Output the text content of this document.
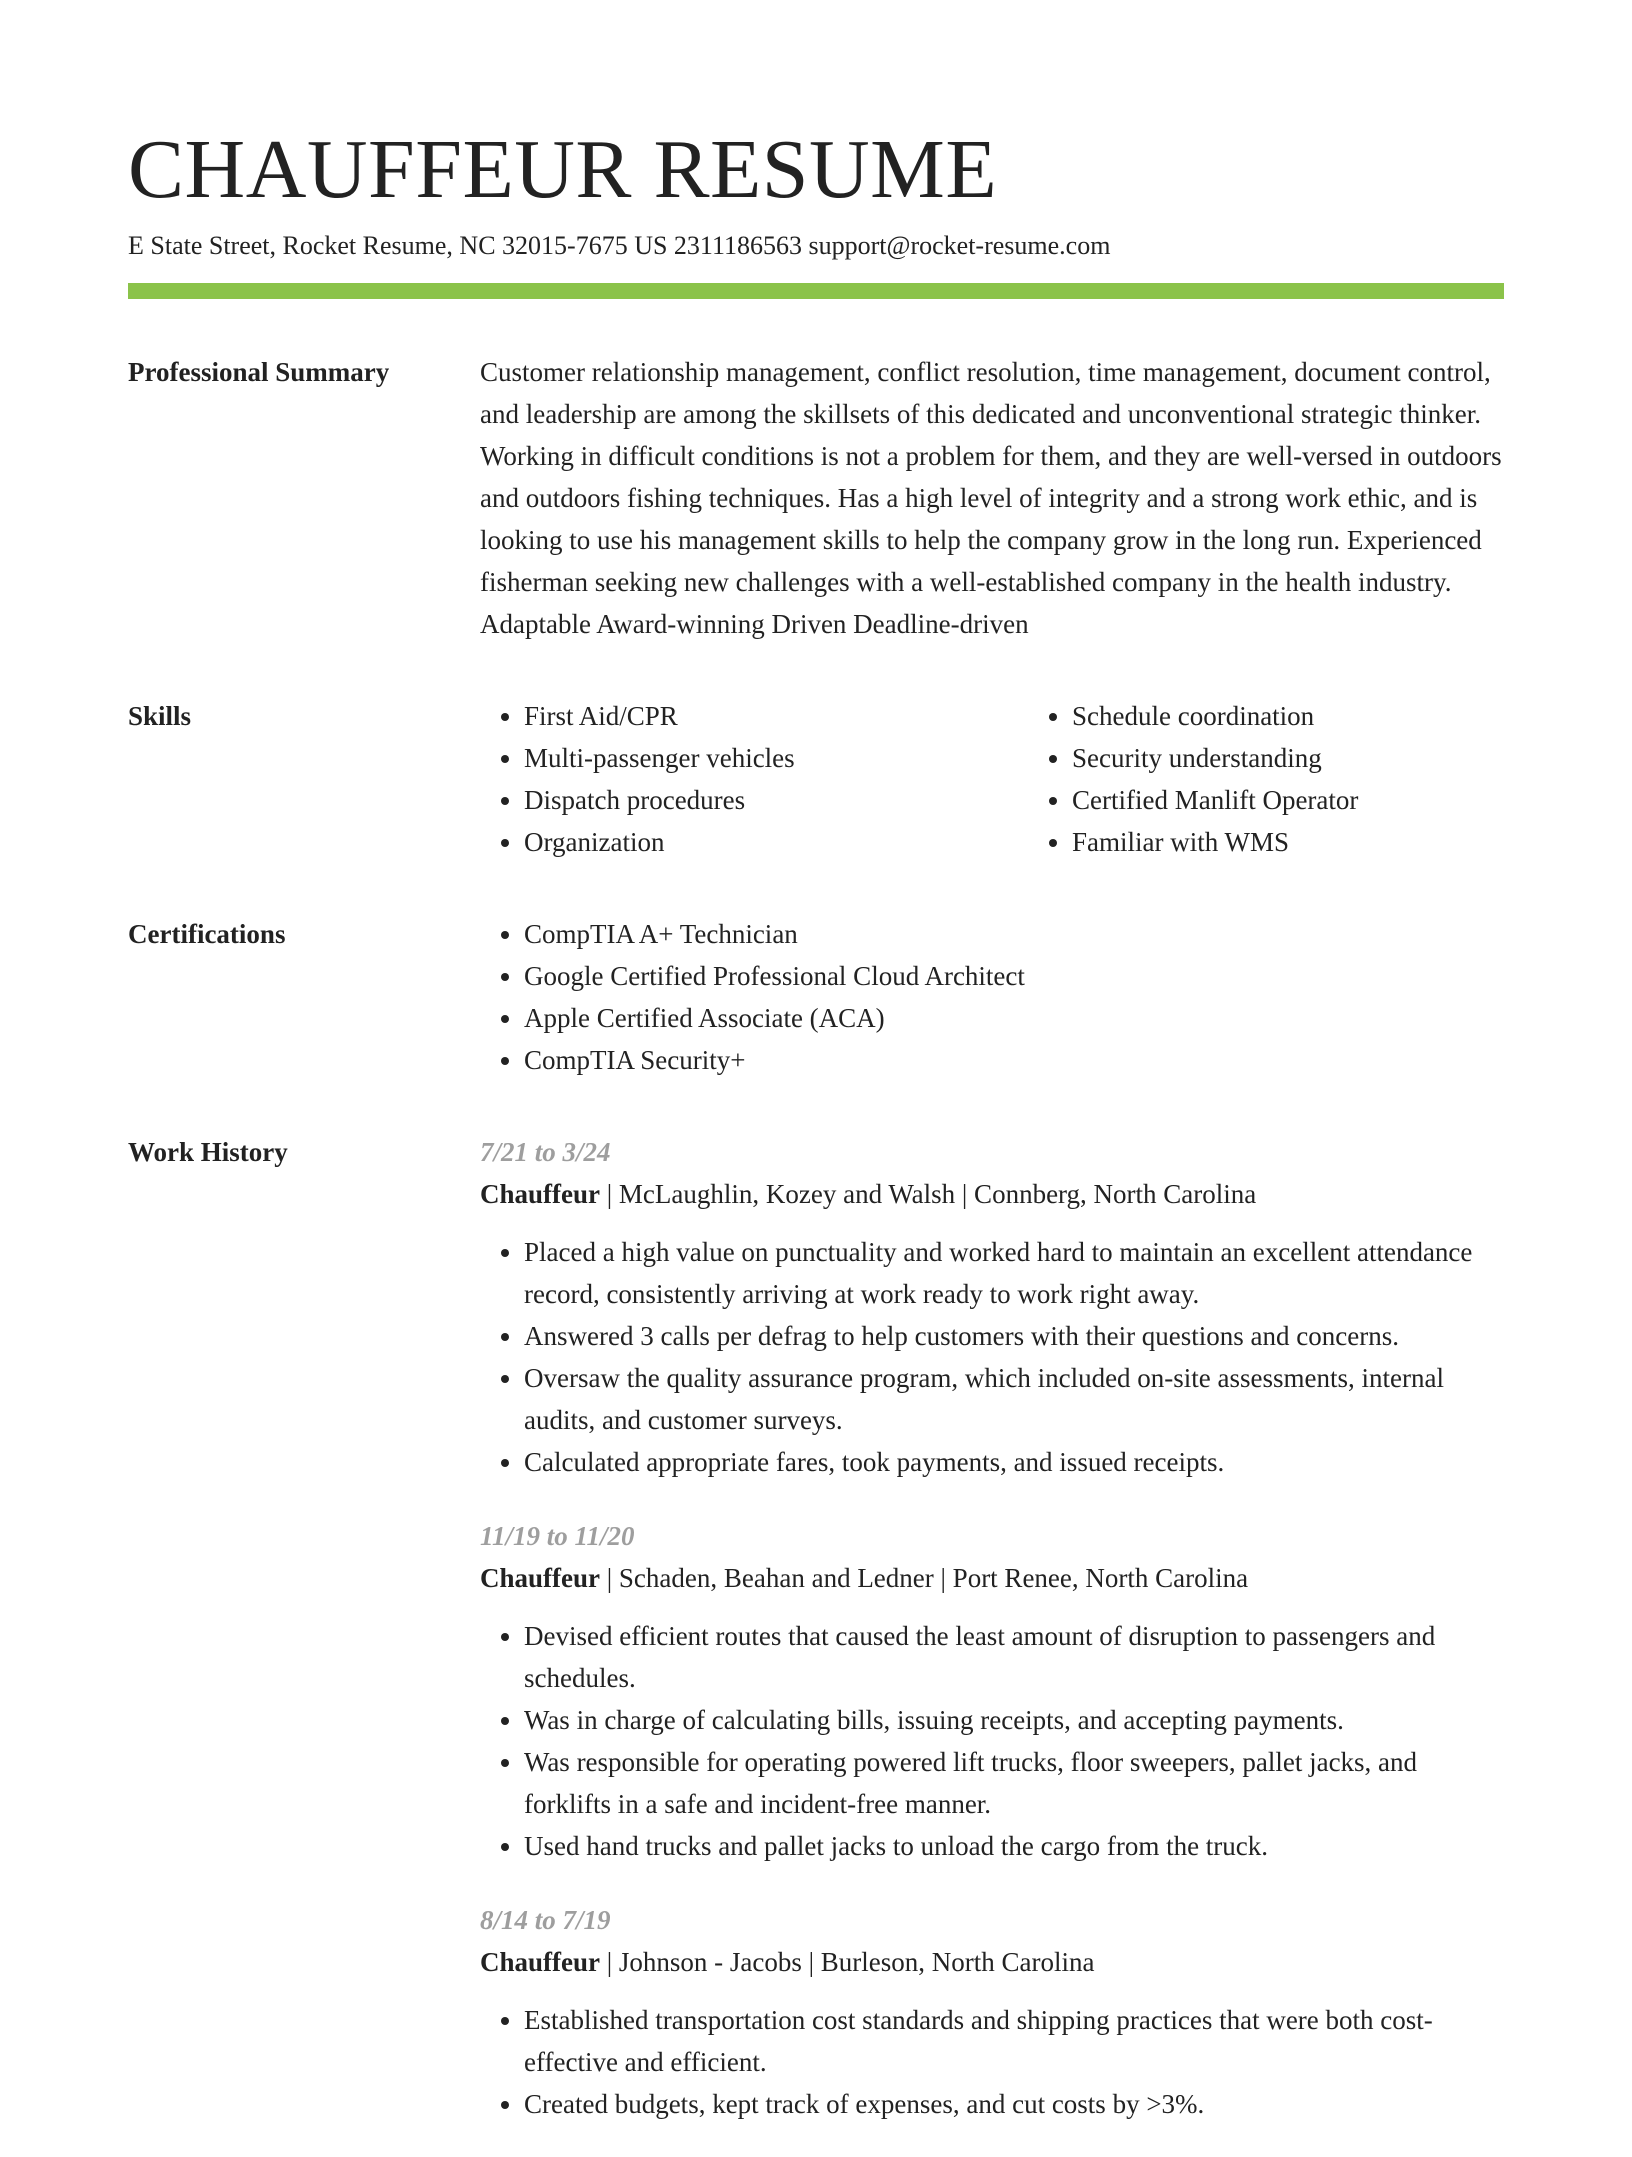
CHAUFFEUR RESUME
E State Street, Rocket Resume, NC 32015-7675 US 2311186563 support@rocket-resume.com
Professional Summary	Customer relationship management, conflict resolution, time management, document control, and leadership are among the skillsets of this dedicated and unconventional strategic thinker. Working in difficult conditions is not a problem for them, and they are well-versed in outdoors and outdoors fishing techniques. Has a high level of integrity and a strong work ethic, and is looking to use his management skills to help the company grow in the long run. Experienced fisherman seeking new challenges with a well-established company in the health industry. Adaptable Award-winning Driven Deadline-driven

Skills	• First Aid/CPR
• Multi-passenger vehicles
• Dispatch procedures
• Organization
• Schedule coordination
• Security understanding
• Certified Manlift Operator
• Familiar with WMS
Certifications	• CompTIA A+ Technician
• Google Certified Professional Cloud Architect
• Apple Certified Associate (ACA)
• CompTIA Security+
Work History	7/21 to 3/24
Chauffeur | McLaughlin, Kozey and Walsh | Connberg, North Carolina
• Placed a high value on punctuality and worked hard to maintain an excellent attendance record, consistently arriving at work ready to work right away.
• Answered 3 calls per defrag to help customers with their questions and concerns.
• Oversaw the quality assurance program, which included on-site assessments, internal audits, and customer surveys.
• Calculated appropriate fares, took payments, and issued receipts.
11/19 to 11/20
Chauffeur | Schaden, Beahan and Ledner | Port Renee, North Carolina
• Devised efficient routes that caused the least amount of disruption to passengers and schedules.
• Was in charge of calculating bills, issuing receipts, and accepting payments.
• Was responsible for operating powered lift trucks, floor sweepers, pallet jacks, and forklifts in a safe and incident-free manner.
• Used hand trucks and pallet jacks to unload the cargo from the truck.
8/14 to 7/19
Chauffeur | Johnson - Jacobs | Burleson, North Carolina
• Established transportation cost standards and shipping practices that were both cost-effective and efficient.
• Created budgets, kept track of expenses, and cut costs by >3%.
